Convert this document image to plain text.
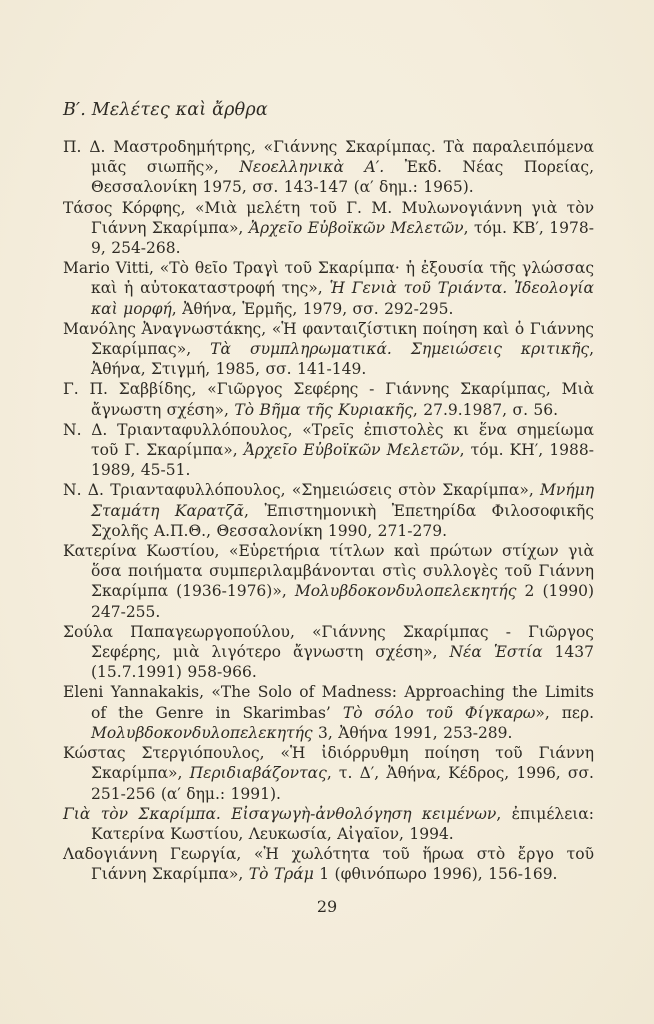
Β′. Μελέτες καὶ ἄρθρα

Π. Δ. Μαστροδημήτρης, «Γιάννης Σκαρίμπας. Τὰ παραλειπόμενα μιᾶς σιωπῆς», Νεοελληνικὰ Α′. Ἐκδ. Νέας Πορείας, Θεσσαλονίκη 1975, σσ. 143-147 (α′ δημ.: 1965).

Τάσος Κόρφης, «Μιὰ μελέτη τοῦ Γ. Μ. Μυλωνογιάννη γιὰ τὸν Γιάννη Σκαρίμπα», Ἀρχεῖο Εὐβοϊκῶν Μελετῶν, τόμ. ΚΒ′, 1978-9, 254-268.

Mario Vitti, «Τὸ θεῖο Τραγὶ τοῦ Σκαρίμπα· ἡ ἐξουσία τῆς γλώσσας καὶ ἡ αὐτοκαταστροφή της», Ἡ Γενιὰ τοῦ Τριάντα. Ἰδεολογία καὶ μορφή, Ἀθήνα, Ἑρμῆς, 1979, σσ. 292-295.

Μανόλης Ἀναγνωστάκης, «Ἡ φανταιζίστικη ποίηση καὶ ὁ Γιάννης Σκαρίμπας», Τὰ συμπληρωματικά. Σημειώσεις κριτικῆς, Ἀθήνα, Στιγμή, 1985, σσ. 141-149.

Γ. Π. Σαββίδης, «Γιῶργος Σεφέρης - Γιάννης Σκαρίμπας, Μιὰ ἄγνωστη σχέση», Τὸ Βῆμα τῆς Κυριακῆς, 27.9.1987, σ. 56.

Ν. Δ. Τριανταφυλλόπουλος, «Τρεῖς ἐπιστολὲς κι ἕνα σημείωμα τοῦ Γ. Σκαρίμπα», Ἀρχεῖο Εὐβοϊκῶν Μελετῶν, τόμ. ΚΗ′, 1988-1989, 45-51.

Ν. Δ. Τριανταφυλλόπουλος, «Σημειώσεις στὸν Σκαρίμπα», Μνήμη Σταμάτη Καρατζᾶ, Ἐπιστημονικὴ Ἐπετηρίδα Φιλοσοφικῆς Σχολῆς Α.Π.Θ., Θεσσαλονίκη 1990, 271-279.

Κατερίνα Κωστίου, «Εὑρετήρια τίτλων καὶ πρώτων στίχων γιὰ ὅσα ποιήματα συμπεριλαμβάνονται στὶς συλλογὲς τοῦ Γιάννη Σκαρίμπα (1936-1976)», Μολυβδοκονδυλοπελεκητής 2 (1990) 247-255.

Σούλα Παπαγεωργοπούλου, «Γιάννης Σκαρίμπας - Γιῶργος Σεφέρης, μιὰ λιγότερο ἄγνωστη σχέση», Νέα Ἑστία 1437 (15.7.1991) 958-966.

Eleni Yannakakis, «The Solo of Madness: Approaching the Limits of the Genre in Skarimbas’ Τὸ σόλο τοῦ Φίγκαρω», περ. Μολυβδοκονδυλοπελεκητής 3, Ἀθήνα 1991, 253-289.

Κώστας Στεργιόπουλος, «Ἡ ἰδιόρρυθμη ποίηση τοῦ Γιάννη Σκαρίμπα», Περιδιαβάζοντας, τ. Δ′, Ἀθήνα, Κέδρος, 1996, σσ. 251-256 (α′ δημ.: 1991).

Γιὰ τὸν Σκαρίμπα. Εἰσαγωγὴ-ἀνθολόγηση κειμένων, ἐπιμέλεια: Κατερίνα Κωστίου, Λευκωσία, Αἰγαῖον, 1994.

Λαδογιάννη Γεωργία, «Ἡ χωλότητα τοῦ ἥρωα στὸ ἔργο τοῦ Γιάννη Σκαρίμπα», Τὸ Τράμ 1 (φθινόπωρο 1996), 156-169.

29
